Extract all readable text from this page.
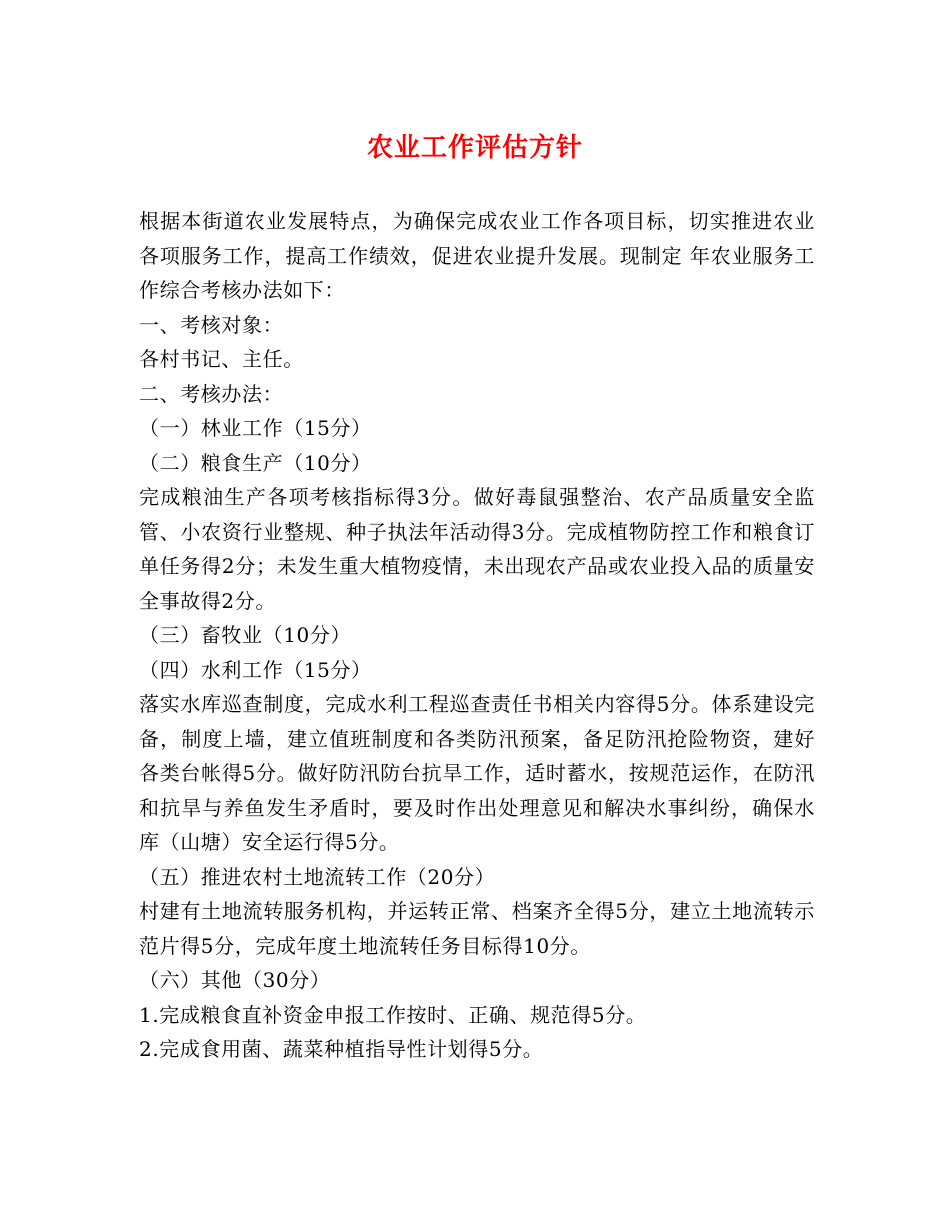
农业工作评估方针

根据本街道农业发展特点，为确保完成农业工作各项目标，切实推进农业各项服务工作，提高工作绩效，促进农业提升发展。现制定 年农业服务工作综合考核办法如下：

一、考核对象：

各村书记、主任。

二、考核办法：

（一）林业工作（15分）

（二）粮食生产（10分）

完成粮油生产各项考核指标得3分。做好毒鼠强整治、农产品质量安全监管、小农资行业整规、种子执法年活动得3分。完成植物防控工作和粮食订单任务得2分；未发生重大植物疫情，未出现农产品或农业投入品的质量安全事故得2分。

（三）畜牧业（10分）

（四）水利工作（15分）

落实水库巡查制度，完成水利工程巡查责任书相关内容得5分。体系建设完备，制度上墙，建立值班制度和各类防汛预案，备足防汛抢险物资，建好各类台帐得5分。做好防汛防台抗旱工作，适时蓄水，按规范运作，在防汛和抗旱与养鱼发生矛盾时，要及时作出处理意见和解决水事纠纷，确保水库（山塘）安全运行得5分。

（五）推进农村土地流转工作（20分）

村建有土地流转服务机构，并运转正常、档案齐全得5分，建立土地流转示范片得5分，完成年度土地流转任务目标得10分。

（六）其他（30分）

1.完成粮食直补资金申报工作按时、正确、规范得5分。

2.完成食用菌、蔬菜种植指导性计划得5分。
